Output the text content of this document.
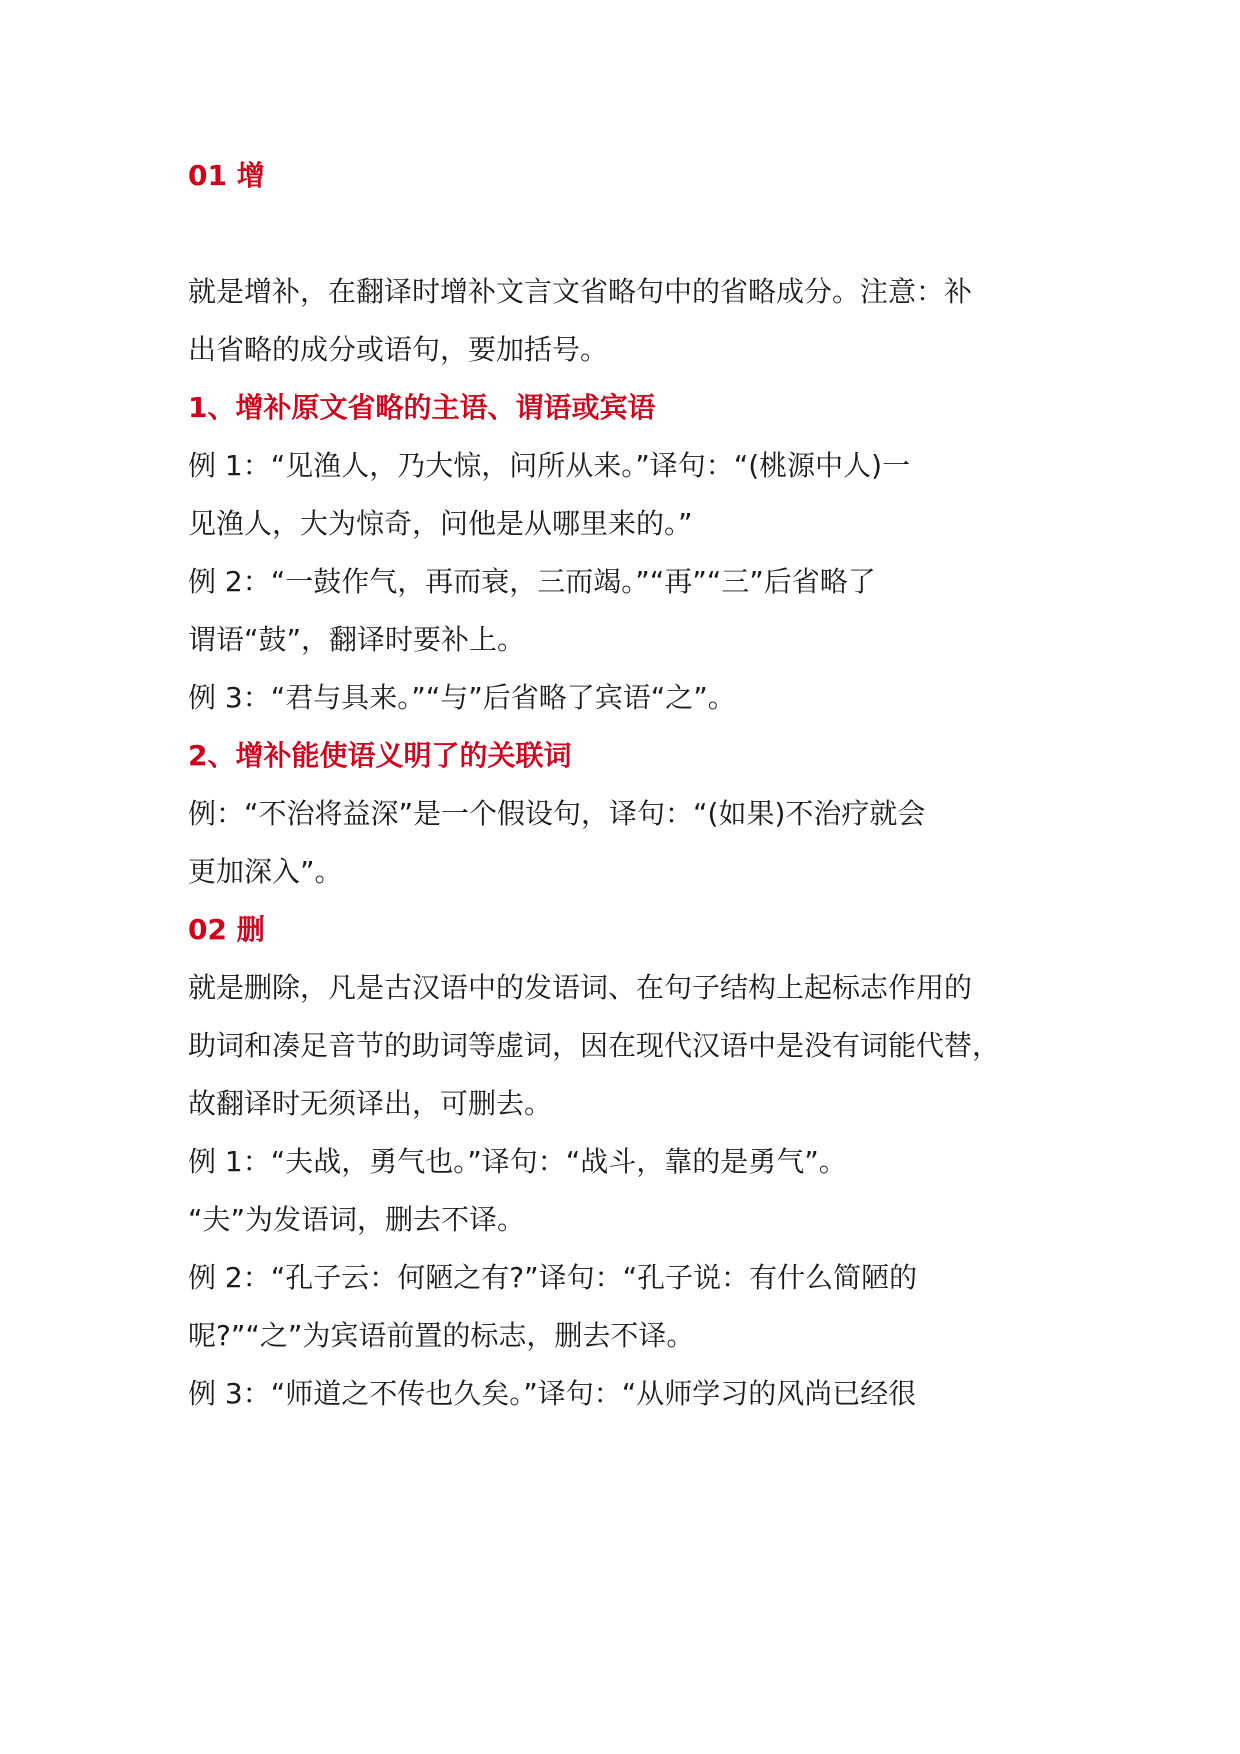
01 增
就是增补，在翻译时增补文言文省略句中的省略成分。注意：补
出省略的成分或语句，要加括号。
1、增补原文省略的主语、谓语或宾语
例 1：“见渔人，乃大惊，问所从来。”译句：“(桃源中人)一
见渔人，大为惊奇，问他是从哪里来的。”
例 2：“一鼓作气，再而衰，三而竭。”“再”“三”后省略了
谓语“鼓”，翻译时要补上。
例 3：“君与具来。”“与”后省略了宾语“之”。
2、增补能使语义明了的关联词
例：“不治将益深”是一个假设句，译句：“(如果)不治疗就会
更加深入”。
02 删
就是删除，凡是古汉语中的发语词、在句子结构上起标志作用的
助词和凑足音节的助词等虚词，因在现代汉语中是没有词能代替，
故翻译时无须译出，可删去。
例 1：“夫战，勇气也。”译句：“战斗，靠的是勇气”。
“夫”为发语词，删去不译。
例 2：“孔子云：何陋之有?”译句：“孔子说：有什么简陋的
呢?”“之”为宾语前置的标志，删去不译。
例 3：“师道之不传也久矣。”译句：“从师学习的风尚已经很
